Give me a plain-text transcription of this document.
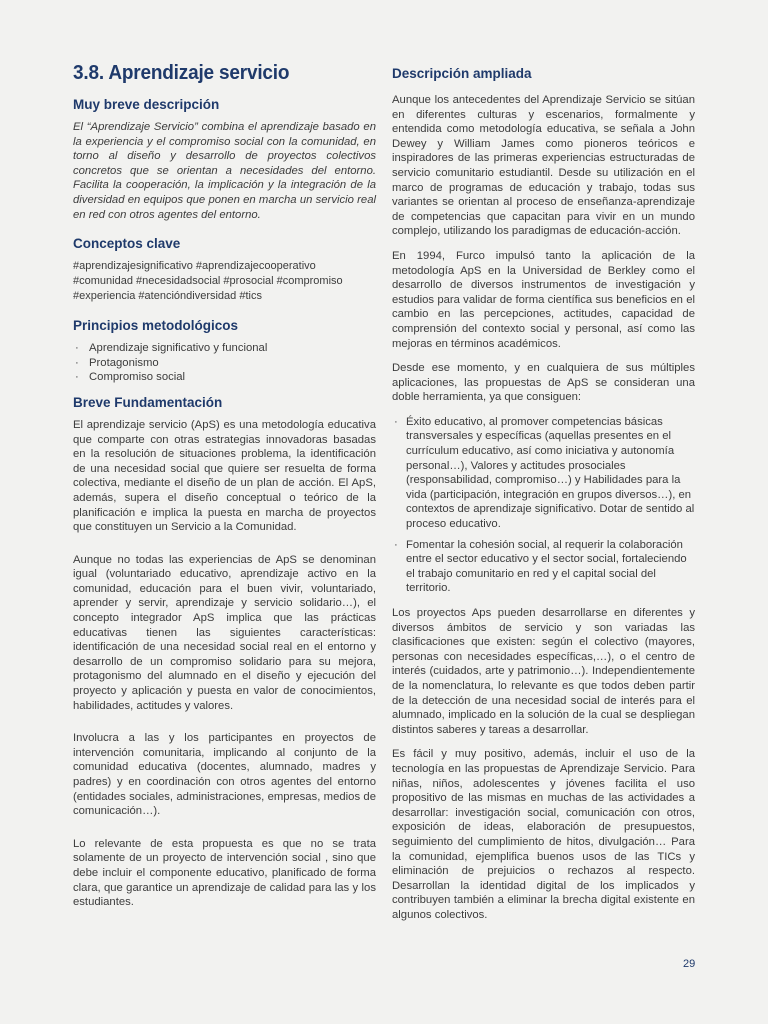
3.8. Aprendizaje servicio
Muy breve descripción

El “Aprendizaje Servicio” combina el aprendizaje basado en la experiencia y el compromiso social con la comunidad, en torno al diseño y desarrollo de proyectos colectivos concretos que se orientan a necesidades del entorno. Facilita la cooperación, la implicación y la integración de la diversidad en equipos que ponen en marcha un servicio real en red con otros agentes del entorno.

Conceptos clave
#aprendizajesignificativo #aprendizajecooperativo
#comunidad #necesidadsocial #prosocial #compromiso
#experiencia #atencióndiversidad #tics
Principios metodológicos
· Aprendizaje significativo y funcional
· Protagonismo
· Compromiso social
Breve Fundamentación

El aprendizaje servicio (ApS) es una metodología educativa que comparte con otras estrategias innovadoras basadas en la resolución de situaciones problema, la identificación de una necesidad social que quiere ser resuelta de forma colectiva, mediante el diseño de un plan de acción. El ApS, además, supera el diseño conceptual o teórico de la planificación e implica la puesta en marcha de proyectos que constituyen un Servicio a la Comunidad.

Aunque no todas las experiencias de ApS se denominan igual (voluntariado educativo, aprendizaje activo en la comunidad, educación para el buen vivir, voluntariado, aprender y servir, aprendizaje y servicio solidario…), el concepto integrador ApS implica que las prácticas educativas tienen las siguientes características: identificación de una necesidad social real en el entorno y desarrollo de un compromiso solidario para su mejora, protagonismo del alumnado en el diseño y ejecución del proyecto y aplicación y puesta en valor de conocimientos, habilidades, actitudes y valores.

Involucra a las y los participantes en proyectos de intervención comunitaria, implicando al conjunto de la comunidad educativa (docentes, alumnado, madres y padres) y en coordinación con otros agentes del entorno (entidades sociales, administraciones, empresas, medios de comunicación…).

Lo relevante de esta propuesta es que no se trata solamente de un proyecto de intervención social , sino que debe incluir el componente educativo, planificado de forma clara, que garantice un aprendizaje de calidad para las y los estudiantes.

Descripción ampliada

Aunque los antecedentes del Aprendizaje Servicio se sitúan en diferentes culturas y escenarios, formalmente y entendida como metodología educativa, se señala a John Dewey y William James como pioneros teóricos e inspiradores de las primeras experiencias estructuradas de servicio comunitario estudiantil. Desde su utilización en el marco de programas de educación y trabajo, todas sus variantes se orientan al proceso de enseñanza-aprendizaje de competencias que capacitan para vivir en un mundo complejo, utilizando los paradigmas de educación-acción.

En 1994, Furco impulsó tanto la aplicación de la metodología ApS en la Universidad de Berkley como el desarrollo de diversos instrumentos de investigación y estudios para validar de forma científica sus beneficios en el cambio en las percepciones, actitudes, capacidad de comprensión del contexto social y personal, así como las mejoras en términos académicos.

Desde ese momento, y en cualquiera de sus múltiples aplicaciones, las propuestas de ApS se consideran una doble herramienta, ya que consiguen:

· Éxito educativo, al promover competencias básicas transversales y específicas (aquellas presentes en el currículum educativo, así como iniciativa y autonomía personal…), Valores y actitudes prosociales (responsabilidad, compromiso…) y Habilidades para la vida (participación, integración en grupos diversos…), en contextos de aprendizaje significativo. Dotar de sentido al proceso educativo.
· Fomentar la cohesión social, al requerir la colaboración entre el sector educativo y el sector social, fortaleciendo el trabajo comunitario en red y el capital social del territorio.

Los proyectos Aps pueden desarrollarse en diferentes y diversos ámbitos de servicio y son variadas las clasificaciones que existen: según el colectivo (mayores, personas con necesidades específicas,…), o el centro de interés (cuidados, arte y patrimonio…). Independientemente de la nomenclatura, lo relevante es que todos deben partir de la detección de una necesidad social de interés para el alumnado, implicado en la solución de la cual se despliegan distintos saberes y tareas a desarrollar.

Es fácil y muy positivo, además, incluir el uso de la tecnología en las propuestas de Aprendizaje Servicio. Para niñas, niños, adolescentes y jóvenes facilita el uso propositivo de las mismas en muchas de las actividades a desarrollar: investigación social, comunicación con otros, exposición de ideas, elaboración de presupuestos, seguimiento del cumplimiento de hitos, divulgación… Para la comunidad, ejemplifica buenos usos de las TICs y eliminación de prejuicios o rechazos al respecto. Desarrollan la identidad digital de los implicados y contribuyen también a eliminar la brecha digital existente en algunos colectivos.

29
